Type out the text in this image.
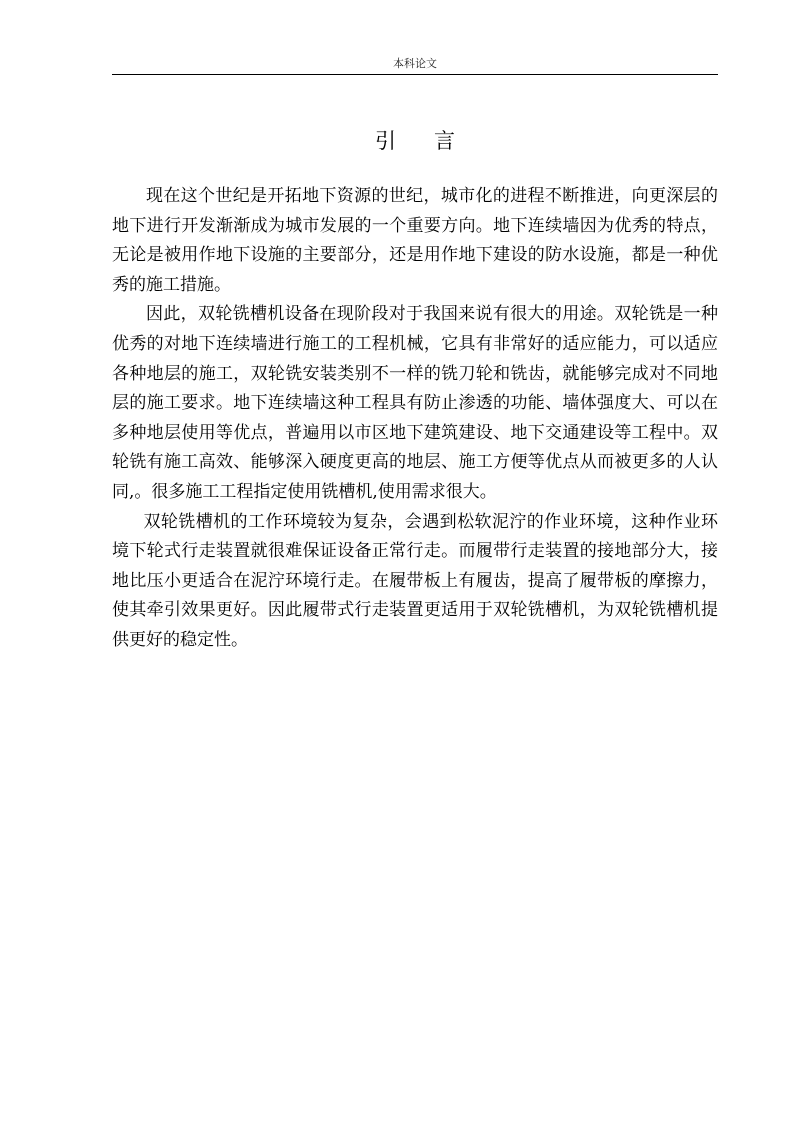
本科论文
引言

现在这个世纪是开拓地下资源的世纪，城市化的进程不断推进，向更深层的地下进行开发渐渐成为城市发展的一个重要方向。地下连续墙因为优秀的特点，无论是被用作地下设施的主要部分，还是用作地下建设的防水设施，都是一种优秀的施工措施。

因此，双轮铣槽机设备在现阶段对于我国来说有很大的用途。双轮铣是一种优秀的对地下连续墙进行施工的工程机械，它具有非常好的适应能力，可以适应各种地层的施工，双轮铣安装类别不一样的铣刀轮和铣齿，就能够完成对不同地层的施工要求。地下连续墙这种工程具有防止渗透的功能、墙体强度大、可以在多种地层使用等优点，普遍用以市区地下建筑建设、地下交通建设等工程中。双轮铣有施工高效、能够深入硬度更高的地层、施工方便等优点从而被更多的人认同,。很多施工工程指定使用铣槽机,使用需求很大。

双轮铣槽机的工作环境较为复杂，会遇到松软泥泞的作业环境，这种作业环境下轮式行走装置就很难保证设备正常行走。而履带行走装置的接地部分大，接地比压小更适合在泥泞环境行走。在履带板上有履齿，提高了履带板的摩擦力，使其牵引效果更好。因此履带式行走装置更适用于双轮铣槽机，为双轮铣槽机提供更好的稳定性。
